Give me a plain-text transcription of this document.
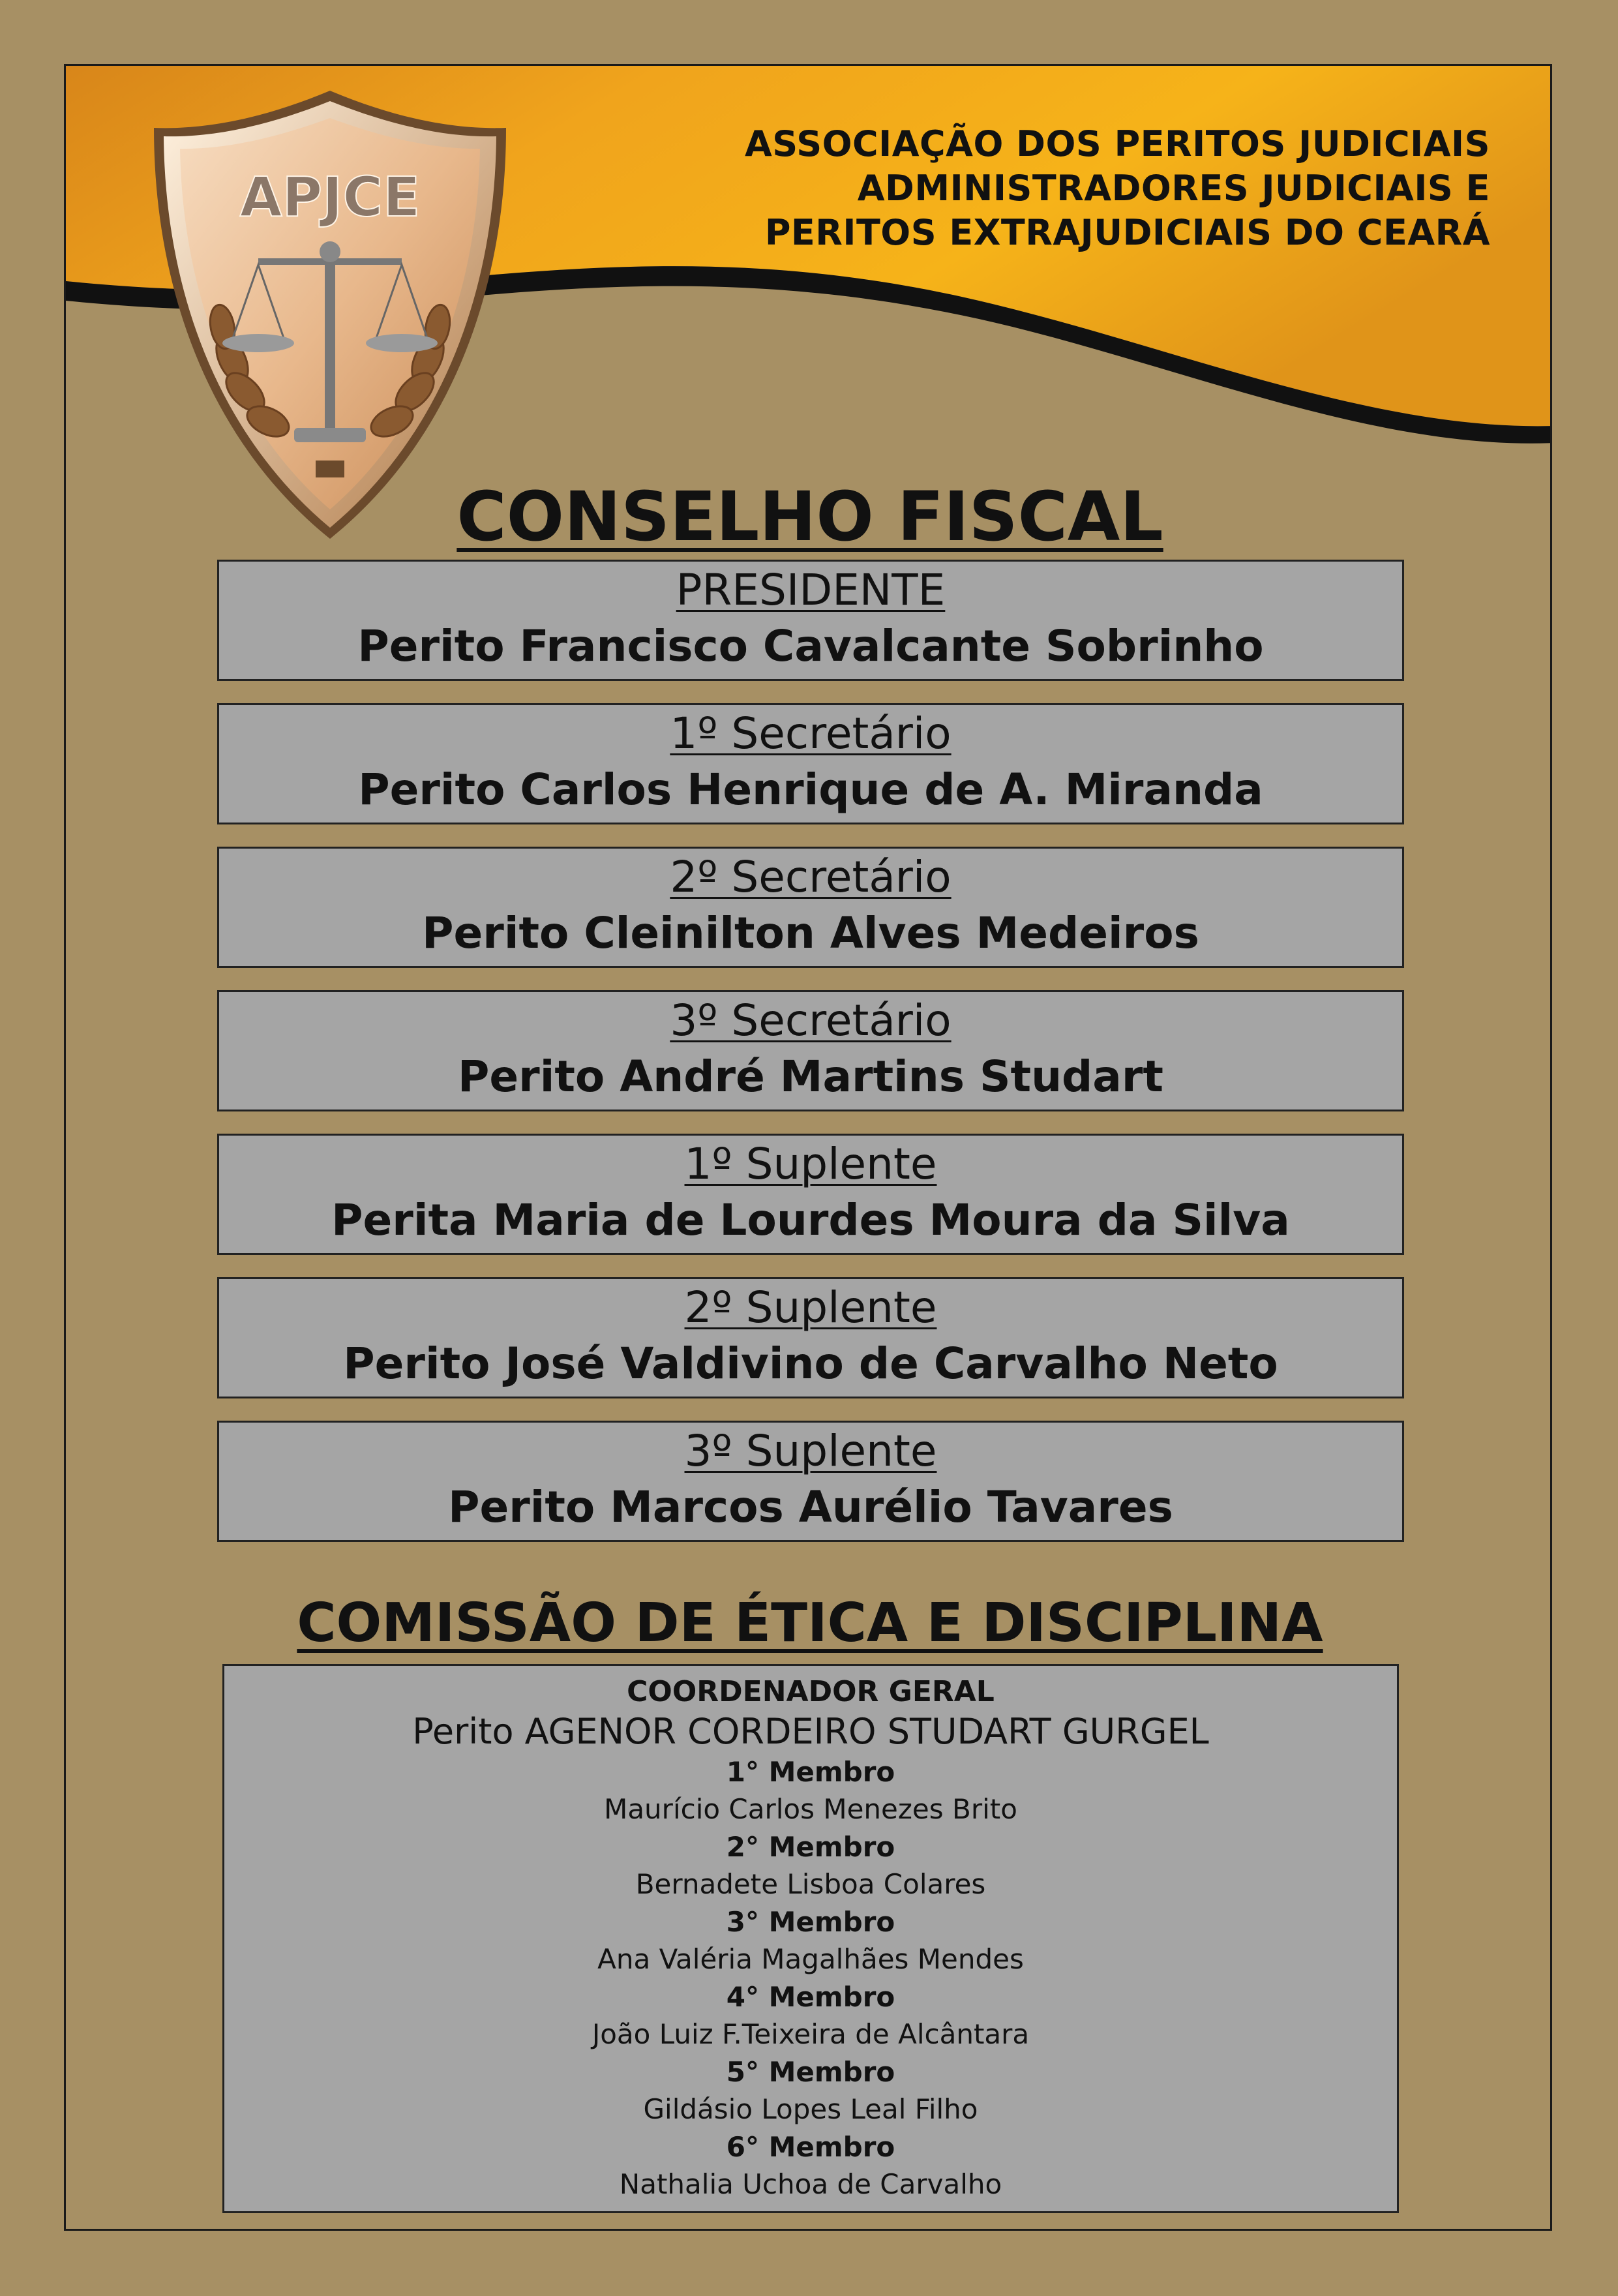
APJCE
ASSOCIAÇÃO DOS PERITOS JUDICIAIS
ADMINISTRADORES JUDICIAIS E
PERITOS EXTRAJUDICIAIS DO CEARÁ
CONSELHO FISCAL
PRESIDENTE
Perito Francisco Cavalcante Sobrinho
1º Secretário
Perito Carlos Henrique de A. Miranda
2º Secretário
Perito Cleinilton Alves Medeiros
3º Secretário
Perito André Martins Studart
1º Suplente
Perita Maria de Lourdes Moura da Silva
2º Suplente
Perito José Valdivino de Carvalho Neto
3º Suplente
Perito Marcos Aurélio Tavares
COMISSÃO DE ÉTICA E DISCIPLINA
COORDENADOR GERAL
Perito AGENOR CORDEIRO STUDART GURGEL
1° Membro
Maurício Carlos Menezes Brito
2° Membro
Bernadete Lisboa Colares
3° Membro
Ana Valéria Magalhães Mendes
4° Membro
João Luiz F.Teixeira de Alcântara
5° Membro
Gildásio Lopes Leal Filho
6° Membro
Nathalia Uchoa de Carvalho
